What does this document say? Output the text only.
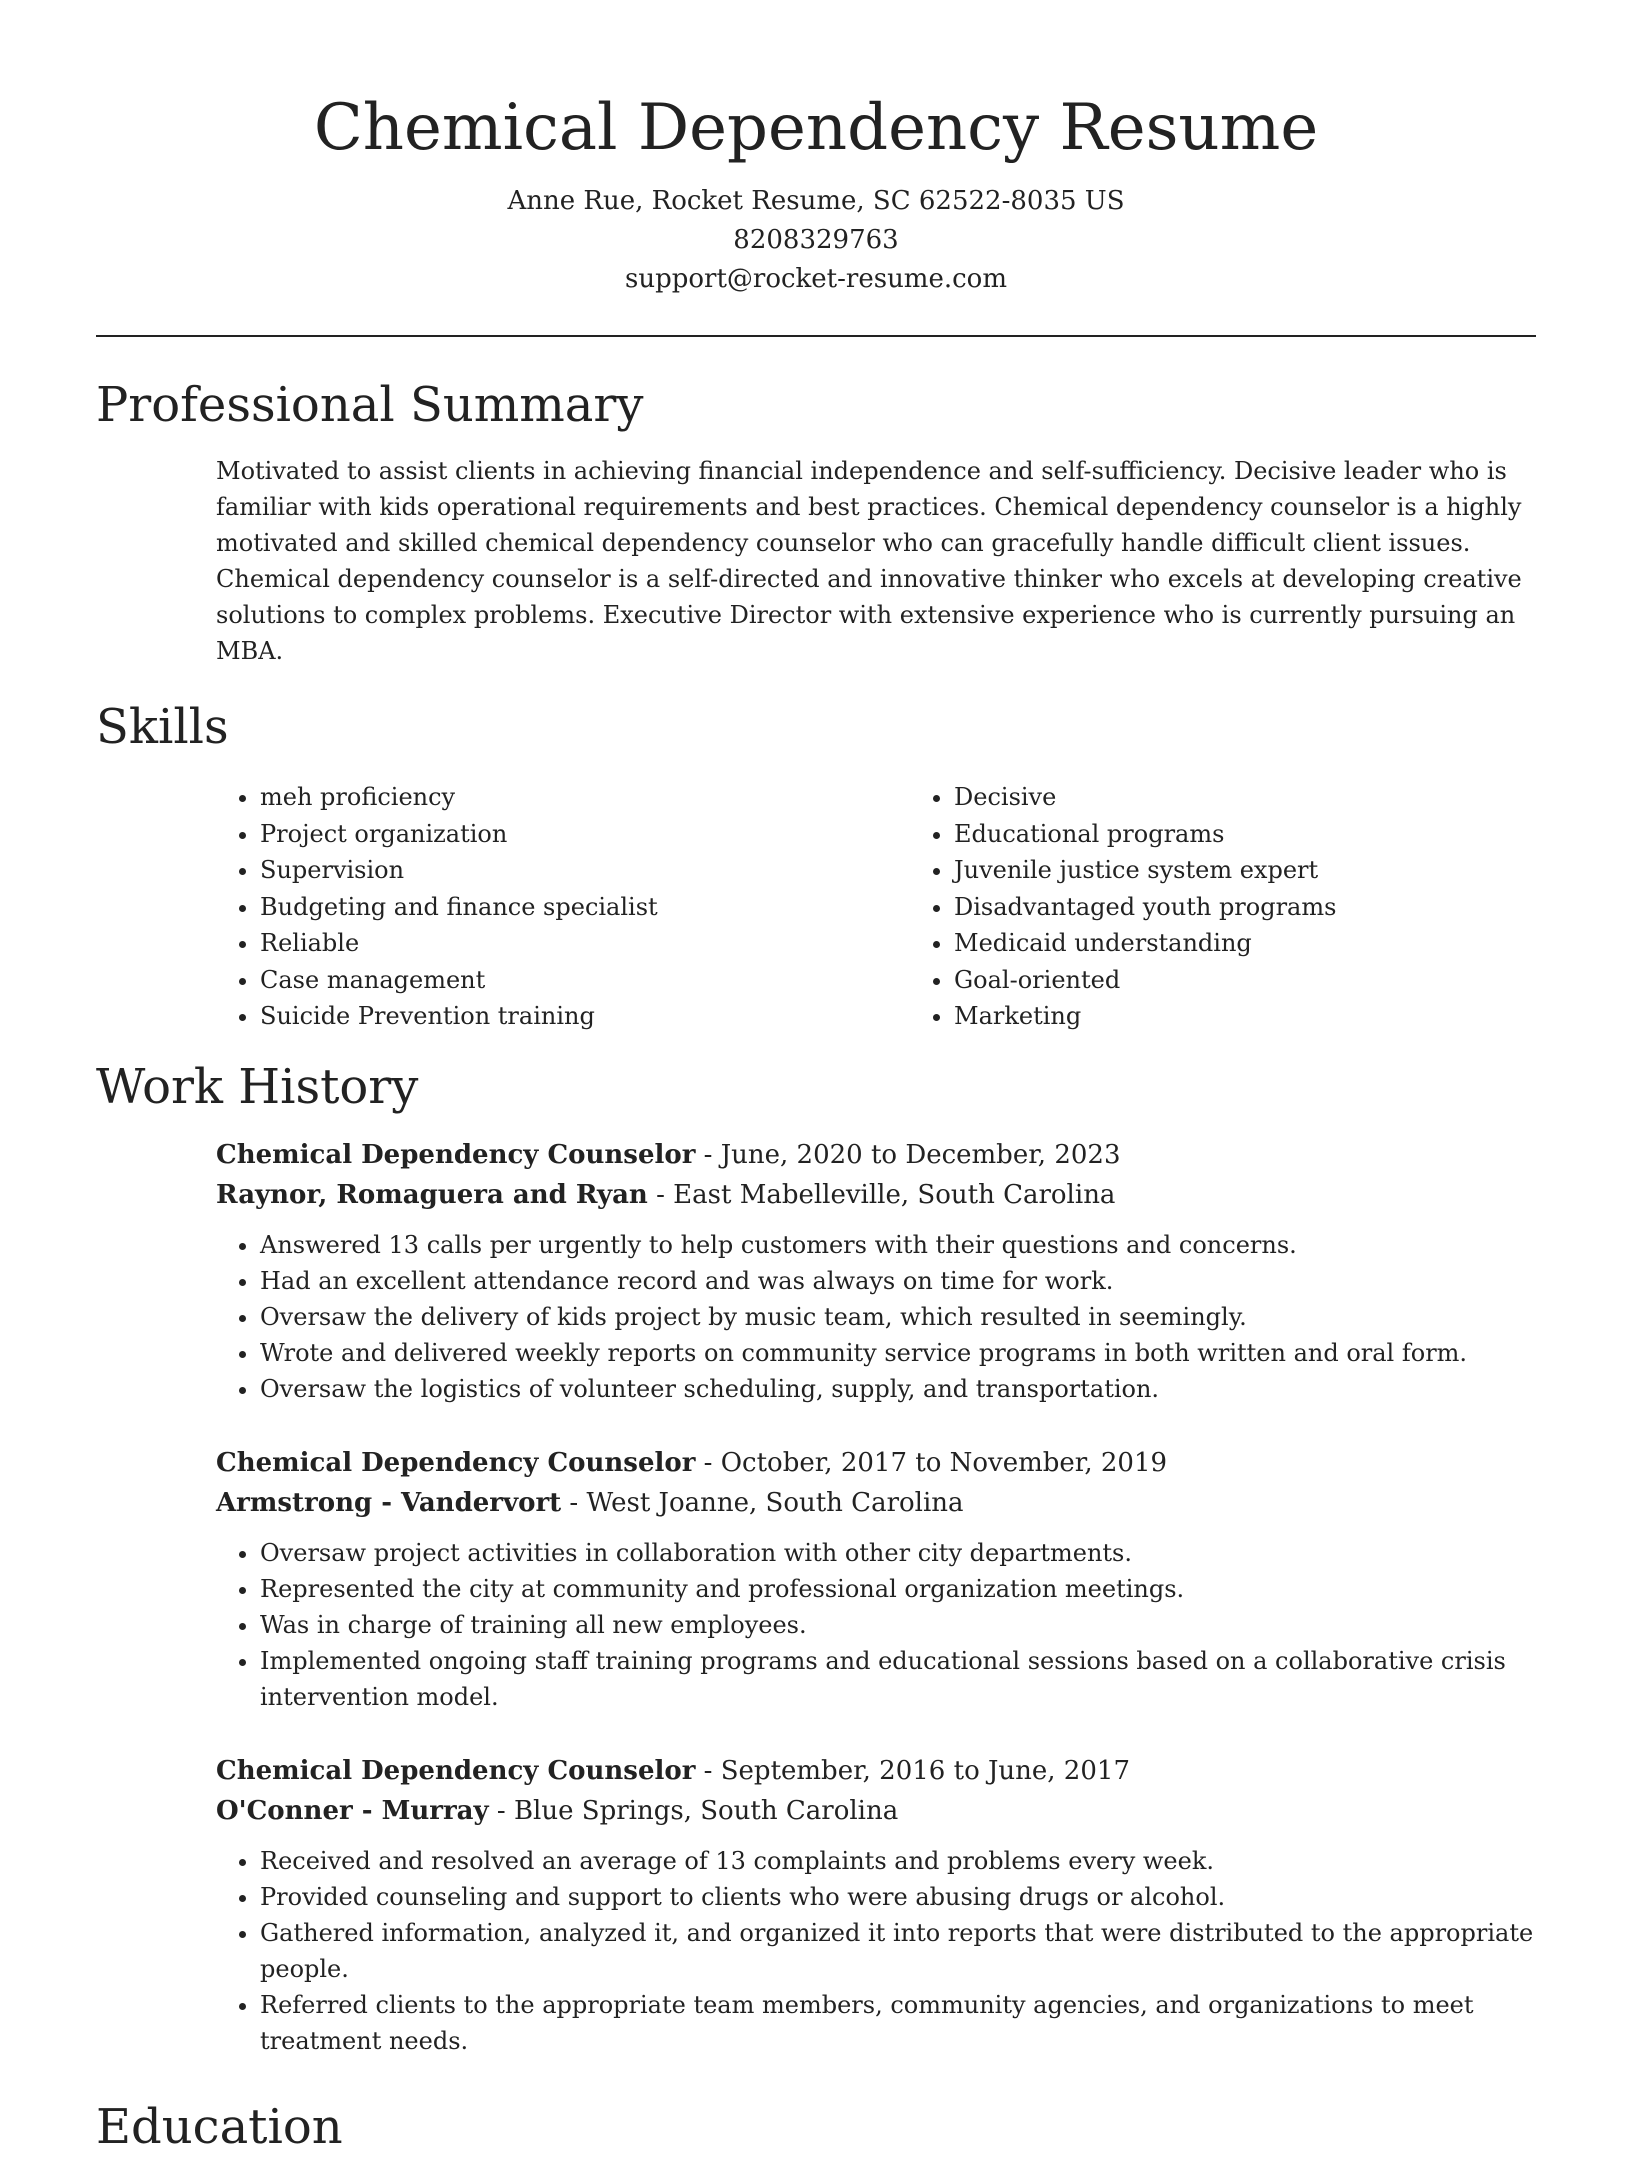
Chemical Dependency Resume
Anne Rue, Rocket Resume, SC 62522-8035 US
8208329763
support@rocket-resume.com
Professional Summary
Motivated to assist clients in achieving financial independence and self-sufficiency. Decisive leader who is familiar with kids operational requirements and best practices. Chemical dependency counselor is a highly motivated and skilled chemical dependency counselor who can gracefully handle difficult client issues. Chemical dependency counselor is a self-directed and innovative thinker who excels at developing creative solutions to complex problems. Executive Director with extensive experience who is currently pursuing an MBA.
Skills
• meh proficiency
• Project organization
• Supervision
• Budgeting and finance specialist
• Reliable
• Case management
• Suicide Prevention training
• Decisive
• Educational programs
• Juvenile justice system expert
• Disadvantaged youth programs
• Medicaid understanding
• Goal-oriented
• Marketing
Work History
Chemical Dependency Counselor - June, 2020 to December, 2023
Raynor, Romaguera and Ryan - East Mabelleville, South Carolina
• Answered 13 calls per urgently to help customers with their questions and concerns.
• Had an excellent attendance record and was always on time for work.
• Oversaw the delivery of kids project by music team, which resulted in seemingly.
• Wrote and delivered weekly reports on community service programs in both written and oral form.
• Oversaw the logistics of volunteer scheduling, supply, and transportation.
Chemical Dependency Counselor - October, 2017 to November, 2019
Armstrong - Vandervort - West Joanne, South Carolina
• Oversaw project activities in collaboration with other city departments.
• Represented the city at community and professional organization meetings.
• Was in charge of training all new employees.
• Implemented ongoing staff training programs and educational sessions based on a collaborative crisis intervention model.
Chemical Dependency Counselor - September, 2016 to June, 2017
O'Conner - Murray - Blue Springs, South Carolina
• Received and resolved an average of 13 complaints and problems every week.
• Provided counseling and support to clients who were abusing drugs or alcohol.
• Gathered information, analyzed it, and organized it into reports that were distributed to the appropriate people.
• Referred clients to the appropriate team members, community agencies, and organizations to meet treatment needs.
Education
